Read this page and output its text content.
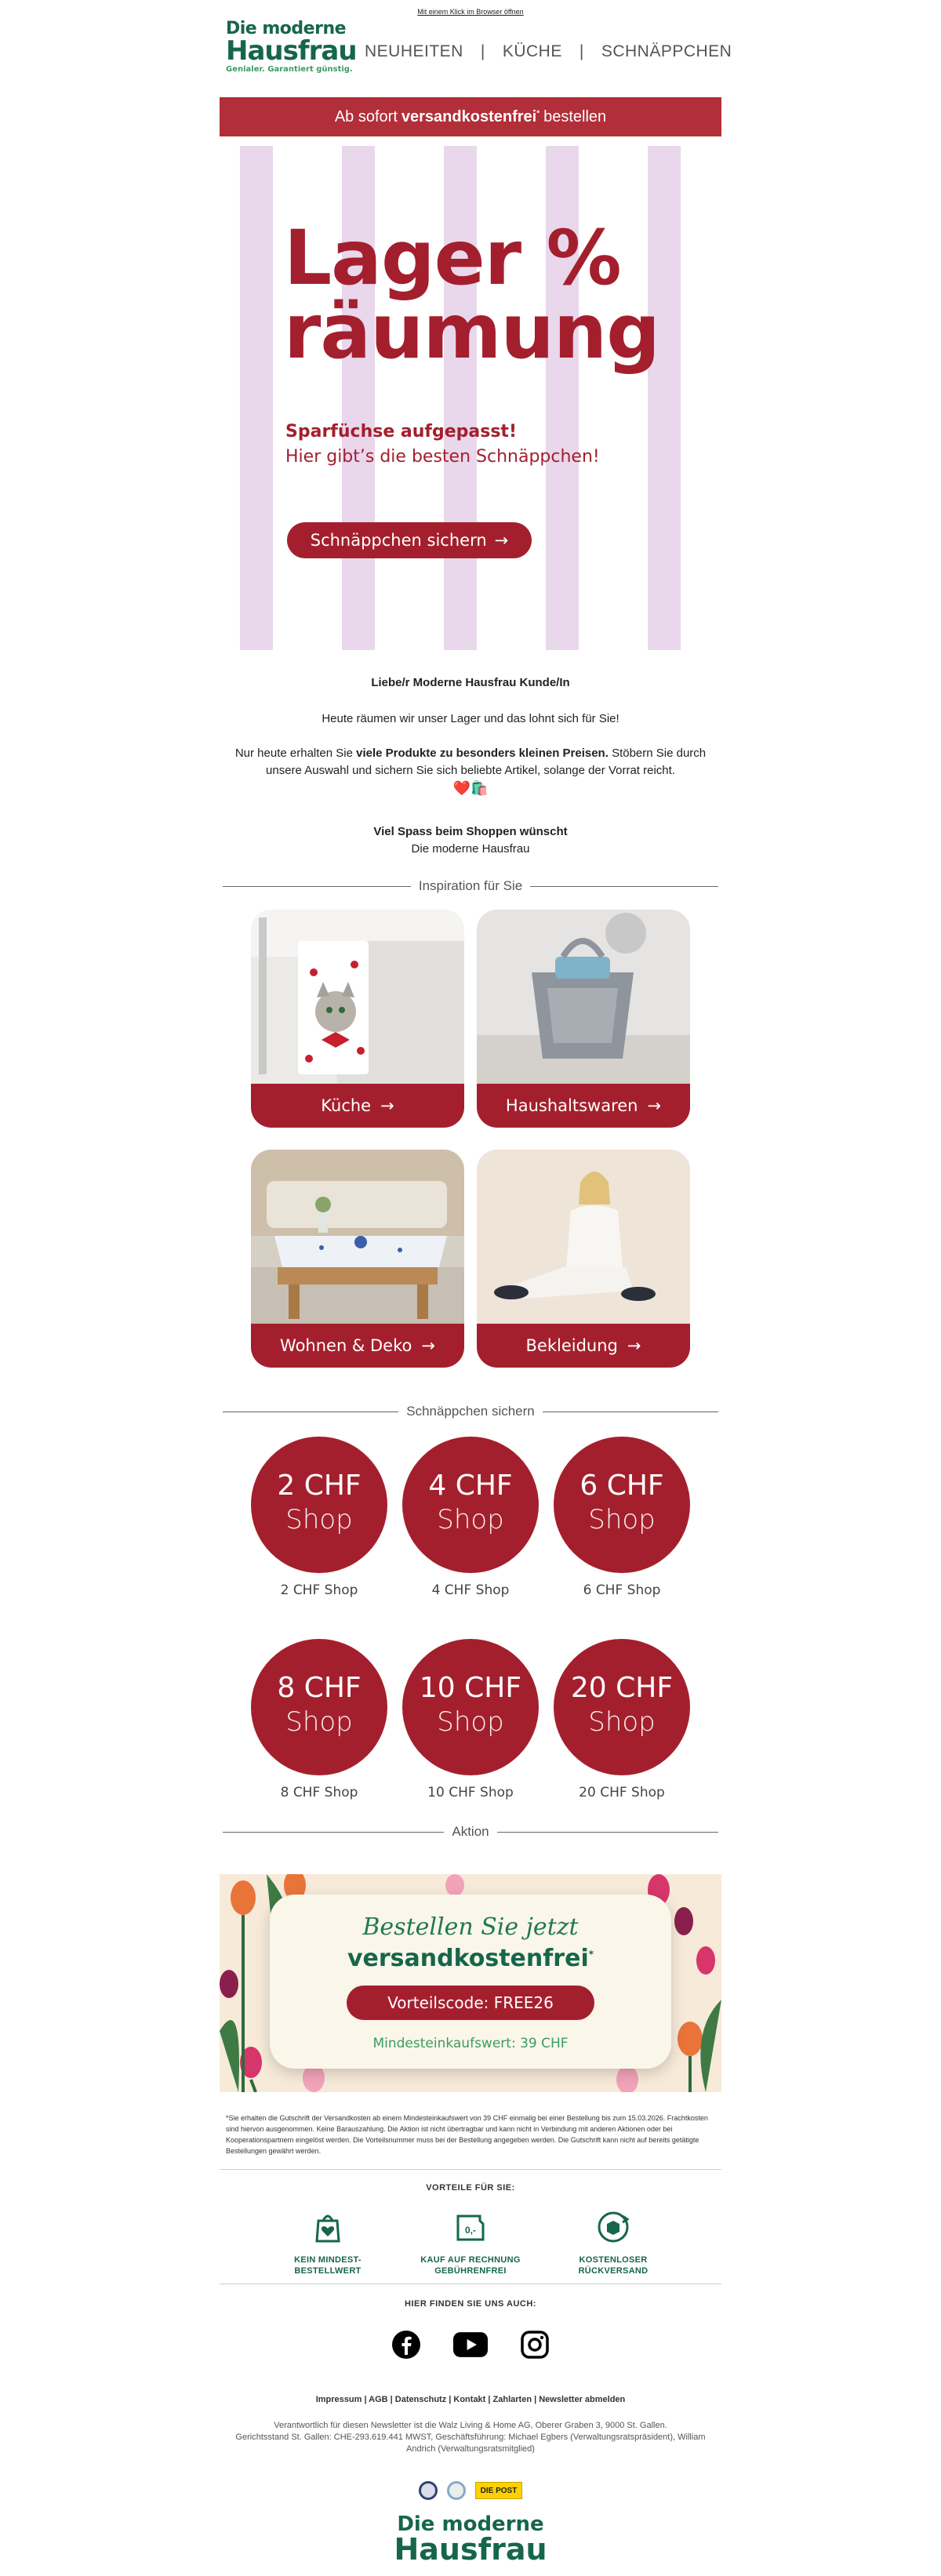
Mit einem Klick im Browser öffnen
Die moderne
Hausfrau
Genialer. Garantiert günstig.
NEUHEITEN | KÜCHE | SCHNÄPPCHEN
Ab sofort versandkostenfrei* bestellen
Lager %
räumung
Sparfüchse aufgepasst!
Hier gibt’s die besten Schnäppchen!
Schnäppchen sichern →
Liebe/r Moderne Hausfrau Kunde/In
Heute räumen wir unser Lager und das lohnt sich für Sie!
Nur heute erhalten Sie viele Produkte zu besonders kleinen Preisen. Stöbern Sie durch unsere Auswahl und sichern Sie sich beliebte Artikel, solange der Vorrat reicht.
❤️🛍️
Viel Spass beim Shoppen wünscht
Die moderne Hausfrau
Inspiration für Sie
Küche →	Haushaltswaren →
Wohnen & Deko →	Bekleidung →
Schnäppchen sichern
2 CHF
Shop
2 CHF Shop
4 CHF
Shop
4 CHF Shop
6 CHF
Shop
6 CHF Shop
8 CHF
Shop
8 CHF Shop
10 CHF
Shop
10 CHF Shop
20 CHF
Shop
20 CHF Shop
Aktion
Bestellen Sie jetzt
versandkostenfrei*
Vorteilscode: FREE26
Mindesteinkaufswert: 39 CHF
*Sie erhalten die Gutschrift der Versandkosten ab einem Mindesteinkaufswert von 39 CHF einmalig bei einer Bestellung bis zum 15.03.2026. Frachtkosten sind hiervon ausgenommen. Keine Barauszahlung. Die Aktion ist nicht übertragbar und kann nicht in Verbindung mit anderen Aktionen oder bei Kooperationspartnern eingelöst werden. Die Vorteilsnummer muss bei der Bestellung angegeben werden. Die Gutschrift kann nicht auf bereits getätigte Bestellungen gewährt werden.
VORTEILE FÜR SIE:
KEIN MINDEST-
BESTELLWERT
0,-
KAUF AUF RECHNUNG
GEBÜHRENFREI
KOSTENLOSER
RÜCKVERSAND
HIER FINDEN SIE UNS AUCH:
Impressum | AGB | Datenschutz | Kontakt | Zahlarten | Newsletter abmelden
Verantwortlich für diesen Newsletter ist die Walz Living & Home AG, Oberer Graben 3, 9000 St. Gallen.
Gerichtsstand St. Gallen: CHE-293.619.441 MWST, Geschäftsführung: Michael Egbers (Verwaltungsratspräsident), William Andrich (Verwaltungsratsmitglied)
DIE POST
Die moderne
Hausfrau
